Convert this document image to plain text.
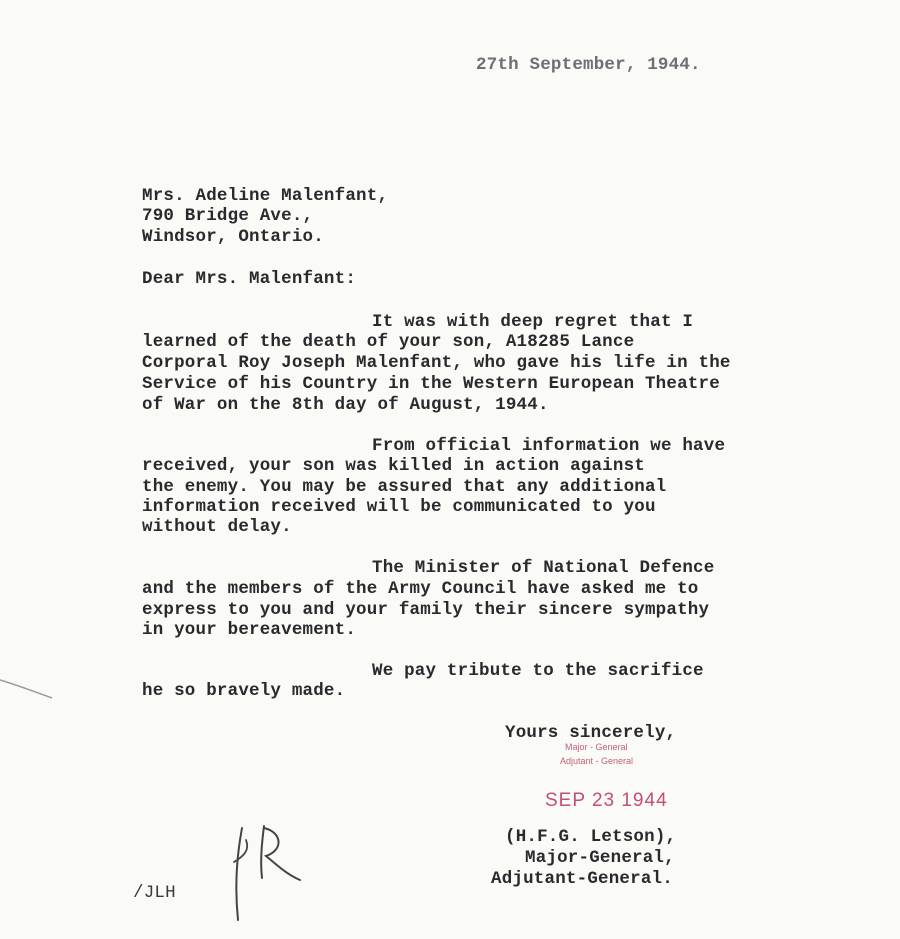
27th September, 1944.
Mrs. Adeline Malenfant,
790 Bridge Ave.,
Windsor, Ontario.
Dear Mrs. Malenfant:
It was with deep regret that I
learned of the death of your son, A18285 Lance
Corporal Roy Joseph Malenfant, who gave his life in the
Service of his Country in the Western European Theatre
of War on the 8th day of August, 1944.
From official information we have
received, your son was killed in action against
the enemy. You may be assured that any additional
information received will be communicated to you
without delay.
The Minister of National Defence
and the members of the Army Council have asked me to
express to you and your family their sincere sympathy
in your bereavement.
We pay tribute to the sacrifice
he so bravely made.
Yours sincerely,
Major - General
Adjutant - General
SEP 23 1944
(H.F.G. Letson),
Major-General,
Adjutant-General.
/JLH
